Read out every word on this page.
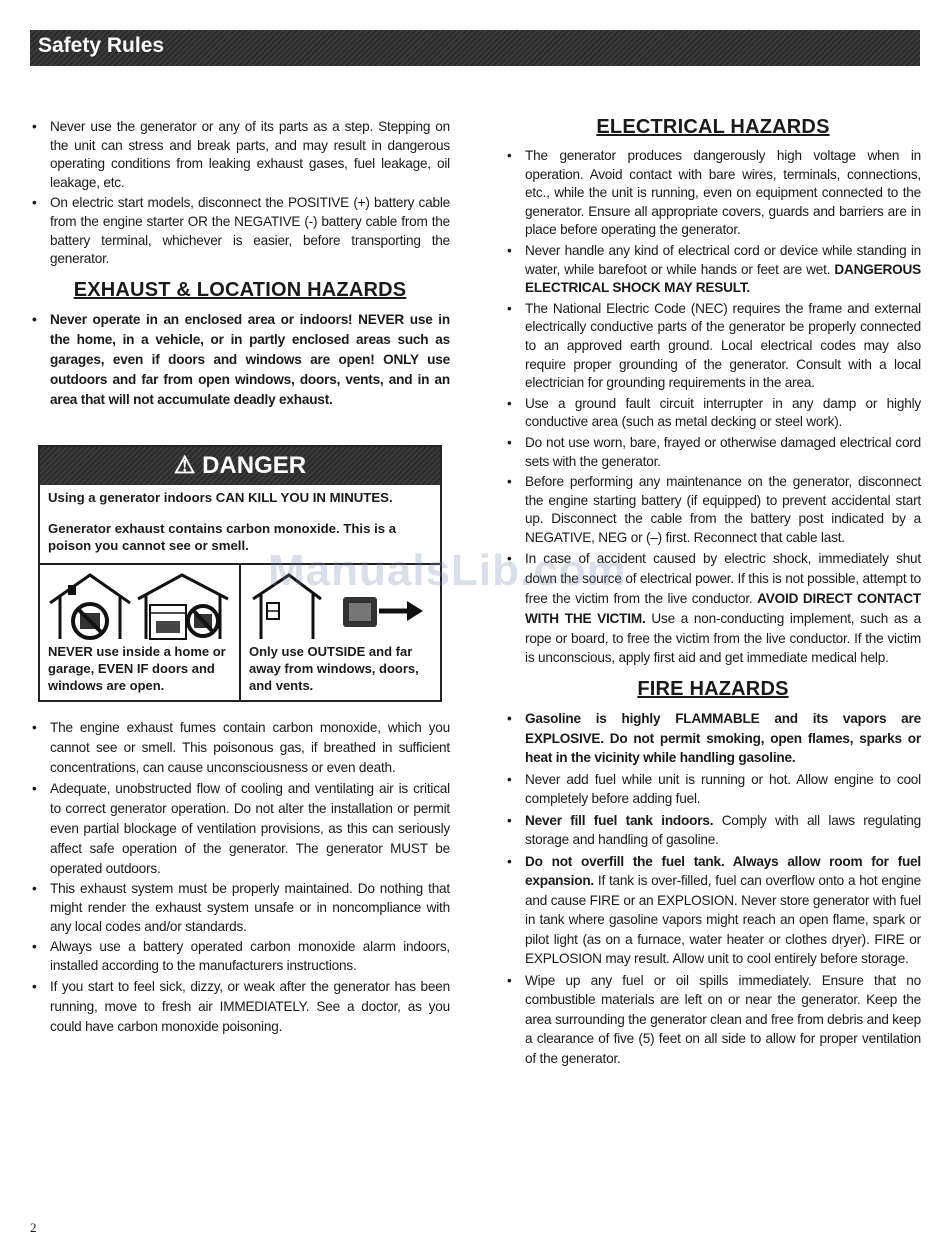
Safety Rules
• Never use the generator or any of its parts as a step. Stepping on the unit can stress and break parts, and may result in dangerous operating conditions from leaking exhaust gases, fuel leakage, oil leakage, etc.
• On electric start models, disconnect the POSITIVE (+) battery cable from the engine starter OR the NEGATIVE (-) battery cable from the battery terminal, whichever is easier, before transporting the generator.
EXHAUST & LOCATION HAZARDS
• Never operate in an enclosed area or indoors! NEVER use in the home, in a vehicle, or in partly enclosed areas such as garages, even if doors and windows are open! ONLY use outdoors and far from open windows, doors, vents, and in an area that will not accumulate deadly exhaust.
⚠ DANGER

Using a generator indoors CAN KILL YOU IN MINUTES.

Generator exhaust contains carbon monoxide. This is a poison you cannot see or smell.

NEVER use inside a home or garage, EVEN IF doors and windows are open.
Only use OUTSIDE and far away from windows, doors, and vents.
• The engine exhaust fumes contain carbon monoxide, which you cannot see or smell. This poisonous gas, if breathed in sufficient concentrations, can cause unconsciousness or even death.
• Adequate, unobstructed flow of cooling and ventilating air is critical to correct generator operation. Do not alter the installation or permit even partial blockage of ventilation provisions, as this can seriously affect safe operation of the generator. The generator MUST be operated outdoors.
• This exhaust system must be properly maintained. Do nothing that might render the exhaust system unsafe or in noncompliance with any local codes and/or standards.
• Always use a battery operated carbon monoxide alarm indoors, installed according to the manufacturers instructions.
• If you start to feel sick, dizzy, or weak after the generator has been running, move to fresh air IMMEDIATELY. See a doctor, as you could have carbon monoxide poisoning.
ELECTRICAL HAZARDS
• The generator produces dangerously high voltage when in operation. Avoid contact with bare wires, terminals, connections, etc., while the unit is running, even on equipment connected to the generator. Ensure all appropriate covers, guards and barriers are in place before operating the generator.
• Never handle any kind of electrical cord or device while standing in water, while barefoot or while hands or feet are wet. DANGEROUS ELECTRICAL SHOCK MAY RESULT.
• The National Electric Code (NEC) requires the frame and external electrically conductive parts of the generator be properly connected to an approved earth ground. Local electrical codes may also require proper grounding of the generator. Consult with a local electrician for grounding requirements in the area.
• Use a ground fault circuit interrupter in any damp or highly conductive area (such as metal decking or steel work).
• Do not use worn, bare, frayed or otherwise damaged electrical cord sets with the generator.
• Before performing any maintenance on the generator, disconnect the engine starting battery (if equipped) to prevent accidental start up. Disconnect the cable from the battery post indicated by a NEGATIVE, NEG or (–) first. Reconnect that cable last.
• In case of accident caused by electric shock, immediately shut down the source of electrical power. If this is not possible, attempt to free the victim from the live conductor. AVOID DIRECT CONTACT WITH THE VICTIM. Use a non-conducting implement, such as a rope or board, to free the victim from the live conductor. If the victim is unconscious, apply first aid and get immediate medical help.
FIRE HAZARDS
• Gasoline is highly FLAMMABLE and its vapors are EXPLOSIVE. Do not permit smoking, open flames, sparks or heat in the vicinity while handling gasoline.
• Never add fuel while unit is running or hot. Allow engine to cool completely before adding fuel.
• Never fill fuel tank indoors. Comply with all laws regulating storage and handling of gasoline.
• Do not overfill the fuel tank. Always allow room for fuel expansion. If tank is over-filled, fuel can overflow onto a hot engine and cause FIRE or an EXPLOSION. Never store generator with fuel in tank where gasoline vapors might reach an open flame, spark or pilot light (as on a furnace, water heater or clothes dryer). FIRE or EXPLOSION may result. Allow unit to cool entirely before storage.
• Wipe up any fuel or oil spills immediately. Ensure that no combustible materials are left on or near the generator. Keep the area surrounding the generator clean and free from debris and keep a clearance of five (5) feet on all side to allow for proper ventilation of the generator.
ManualsLib.com
2
